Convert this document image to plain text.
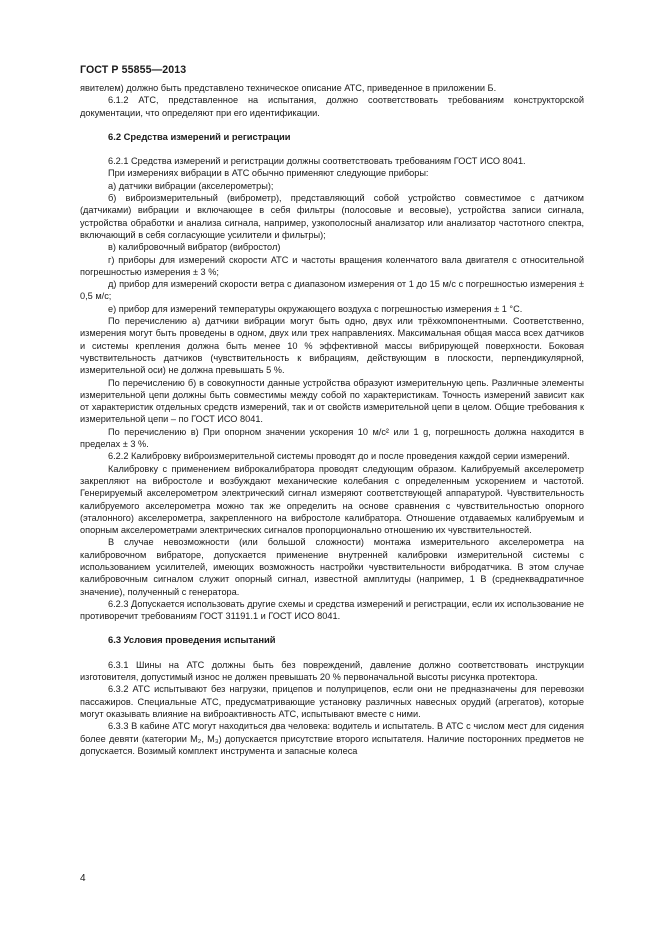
ГОСТ Р 55855—2013

явителем) должно быть представлено техническое описание АТС, приведенное в приложении Б.

6.1.2 АТС, представленное на испытания, должно соответствовать требованиям конструкторской документации, что определяют при его идентификации.

6.2 Средства измерений и регистрации

6.2.1 Средства измерений и регистрации должны соответствовать требованиям ГОСТ ИСО 8041.

При измерениях вибрации в АТС обычно применяют следующие приборы:

а) датчики вибрации (акселерометры);

б) виброизмерительный (виброметр), представляющий собой устройство совместимое с датчиком (датчиками) вибрации и включающее в себя фильтры (полосовые и весовые), устройства записи сигнала, устройства обработки и анализа сигнала, например, узкополосный анализатор или анализатор частотного спектра, включающий в себя согласующие усилители и фильтры);

в) калибровочный вибратор (вибростол)

г) приборы для измерений скорости АТС и частоты вращения коленчатого вала двигателя с относительной погрешностью измерения ± 3 %;

д) прибор для измерений скорости ветра с диапазоном измерения от 1 до 15 м/с с погрешностью измерения ± 0,5 м/с;

е) прибор для измерений температуры окружающего воздуха с погрешностью измерения ± 1 °С.

По перечислению а) датчики вибрации могут быть одно, двух или трёхкомпонентными. Соответственно, измерения могут быть проведены в одном, двух или трех направлениях. Максимальная общая масса всех датчиков и системы крепления должна быть менее 10 % эффективной массы вибрирующей поверхности. Боковая чувствительность датчиков (чувствительность к вибрациям, действующим в плоскости, перпендикулярной, измерительной оси) не должна превышать 5 %.

По перечислению б) в совокупности данные устройства образуют измерительную цепь. Различные элементы измерительной цепи должны быть совместимы между собой по характеристикам. Точность измерений зависит как от характеристик отдельных средств измерений, так и от свойств измерительной цепи в целом. Общие требования к измерительной цепи – по ГОСТ ИСО 8041.

По перечислению в) При опорном значении ускорения 10 м/с² или 1 g, погрешность должна находится в пределах ± 3 %.

6.2.2 Калибровку виброизмерительной системы проводят до и после проведения каждой серии измерений.

Калибровку с применением виброкалибратора проводят следующим образом. Калибруемый акселерометр закрепляют на вибростоле и возбуждают механические колебания с определенным ускорением и частотой. Генерируемый акселерометром электрический сигнал измеряют соответствующей аппаратурой. Чувствительность калибруемого акселерометра можно так же определить на основе сравнения с чувствительностью опорного (эталонного) акселерометра, закрепленного на вибростоле калибратора. Отношение отдаваемых калибруемым и опорным акселерометрами электрических сигналов пропорционально отношению их чувствительностей.

В случае невозможности (или большой сложности) монтажа измерительного акселерометра на калибровочном вибраторе, допускается применение внутренней калибровки измерительной системы с использованием усилителей, имеющих возможность настройки чувствительности вибродатчика. В этом случае калибровочным сигналом служит опорный сигнал, известной амплитуды (например, 1 В (среднеквадратичное значение), полученный с генератора.

6.2.3 Допускается использовать другие схемы и средства измерений и регистрации, если их использование не противоречит требованиям ГОСТ 31191.1 и ГОСТ ИСО 8041.

6.3 Условия проведения испытаний

6.3.1 Шины на АТС должны быть без повреждений, давление должно соответствовать инструкции изготовителя, допустимый износ не должен превышать 20 % первоначальной высоты рисунка протектора.

6.3.2 АТС испытывают без нагрузки, прицепов и полуприцепов, если они не предназначены для перевозки пассажиров. Специальные АТС, предусматривающие установку различных навесных орудий (агрегатов), которые могут оказывать влияние на виброактивность АТС, испытывают вместе с ними.

6.3.3 В кабине АТС могут находиться два человека: водитель и испытатель. В АТС с числом мест для сидения более девяти (категории M₂, M₃) допускается присутствие второго испытателя. Наличие посторонних предметов не допускается. Возимый комплект инструмента и запасные колеса

4
